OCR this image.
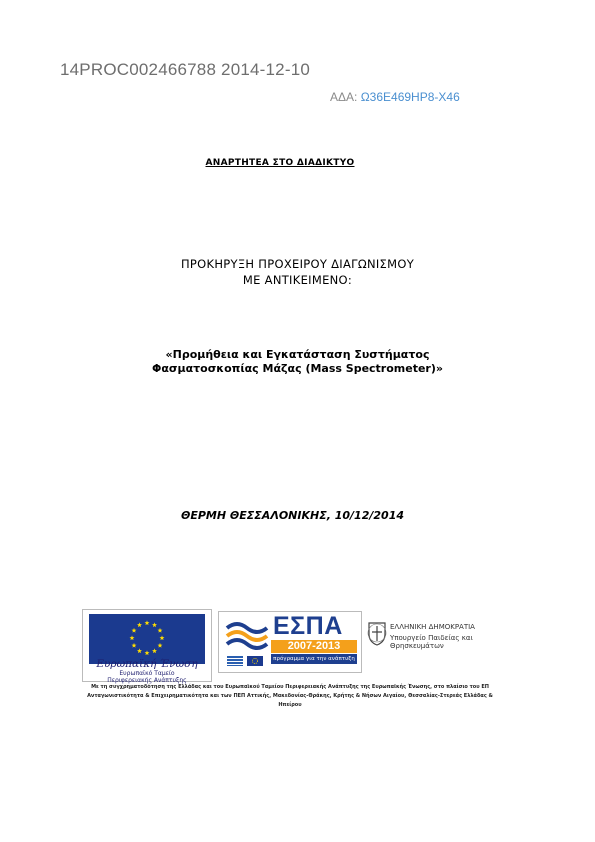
14PROC002466788 2014-12-10
ΑΔΑ: Ω36Ε469ΗΡ8-Χ46
ΑΝΑΡΤΗΤΕΑ ΣΤΟ ΔΙΑΔΙΚΤΥΟ
ΠΡΟΚΗΡΥΞΗ ΠΡΟΧΕΙΡΟΥ ΔΙΑΓΩΝΙΣΜΟΥ
ΜΕ ΑΝΤΙΚΕΙΜΕΝΟ:
«Προμήθεια και Εγκατάσταση Συστήματος
Φασματοσκοπίας Μάζας (Mass Spectrometer)»
ΘΕΡΜΗ ΘΕΣΣΑΛΟΝΙΚΗΣ, 10/12/2014
Ευρωπαϊκή Ένωση
Ευρωπαϊκό Ταμείο
Περιφερειακής Ανάπτυξης
ΕΣΠΑ
2007-2013
πρόγραμμα για την ανάπτυξη
ΕΛΛΗΝΙΚΗ ΔΗΜΟΚΡΑΤΙΑ
Υπουργείο Παιδείας και Θρησκευμάτων
Με τη συγχρηματοδότηση της Ελλάδας και του Ευρωπαϊκού Ταμείου Περιφερειακής Ανάπτυξης της Ευρωπαϊκής Ένωσης, στο πλαίσιο του ΕΠ Ανταγωνιστικότητα & Επιχειρηματικότητα και των ΠΕΠ Αττικής, Μακεδονίας-Θράκης, Κρήτης & Νήσων Αιγαίου, Θεσσαλίας-Στερεάς Ελλάδας & Ηπείρου
